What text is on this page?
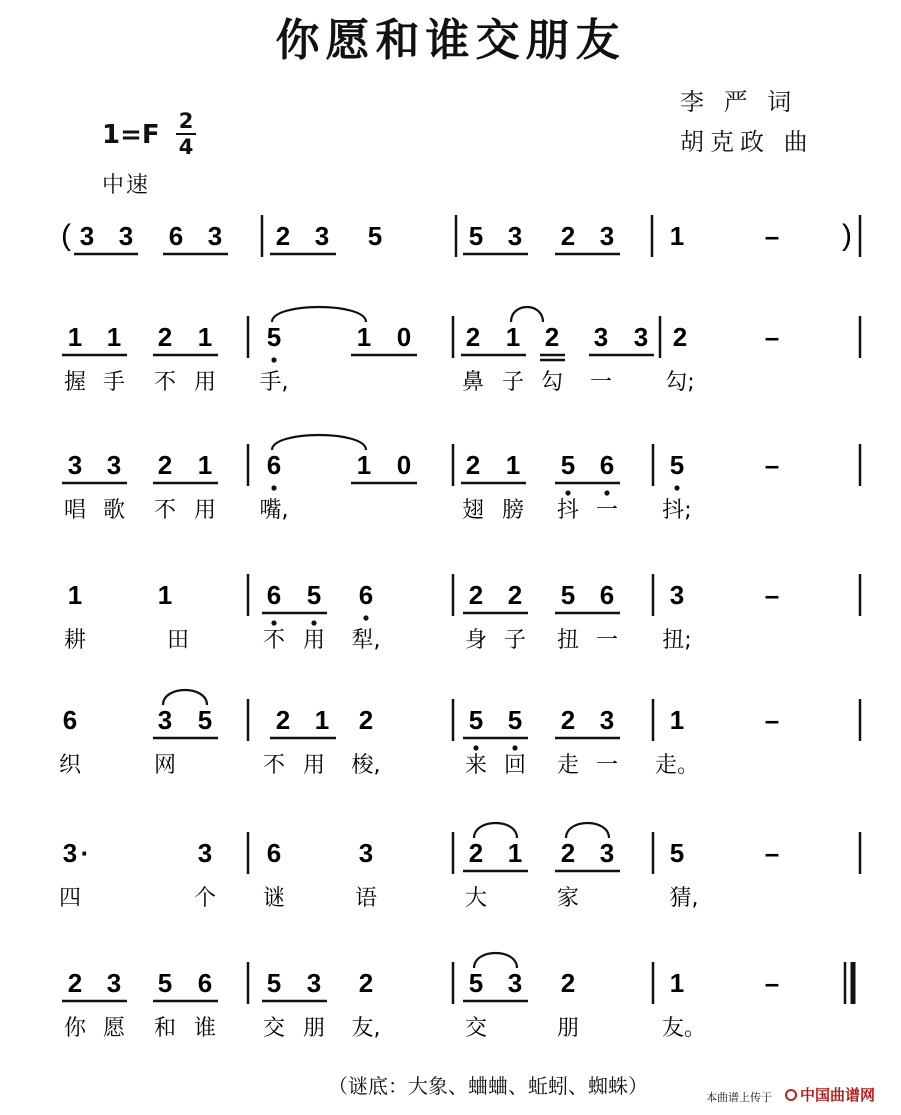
你愿和谁交朋友
李 严 词
胡克政 曲
1=F 2
4
中速
( 3 3 6 3 2 3 5	5 3 2 3 1	– )
1 1 2 1 5	1 0 2 1 2 3 3 2	–
握 手 不 用 手,	鼻 子 勾 一 勾;
3 3 2 1 6	1 0 2 1 5 6 5	–
唱 歌 不 用 嘴,	翅 膀 抖 一 抖;
1	1	6 5 6	2 2 5 6 3	–
耕	田	不 用 犁,	身 子 扭 一 扭;
6	3 5 2 1 2	5 5 2 3 1	–
织	网	不 用 梭,	来 回 走 一 走。
3 ·	3 6	3	2 1 2 3 5	–
四	个 谜	语	大	家	猜,
2 3 5 6 5 3 2	5 3 2	1	–
你 愿 和 谁 交 朋 友,	交	朋	友。
（谜底：大象、蛐蛐、蚯蚓、蜘蛛）	本曲谱上传于 中国曲谱网
